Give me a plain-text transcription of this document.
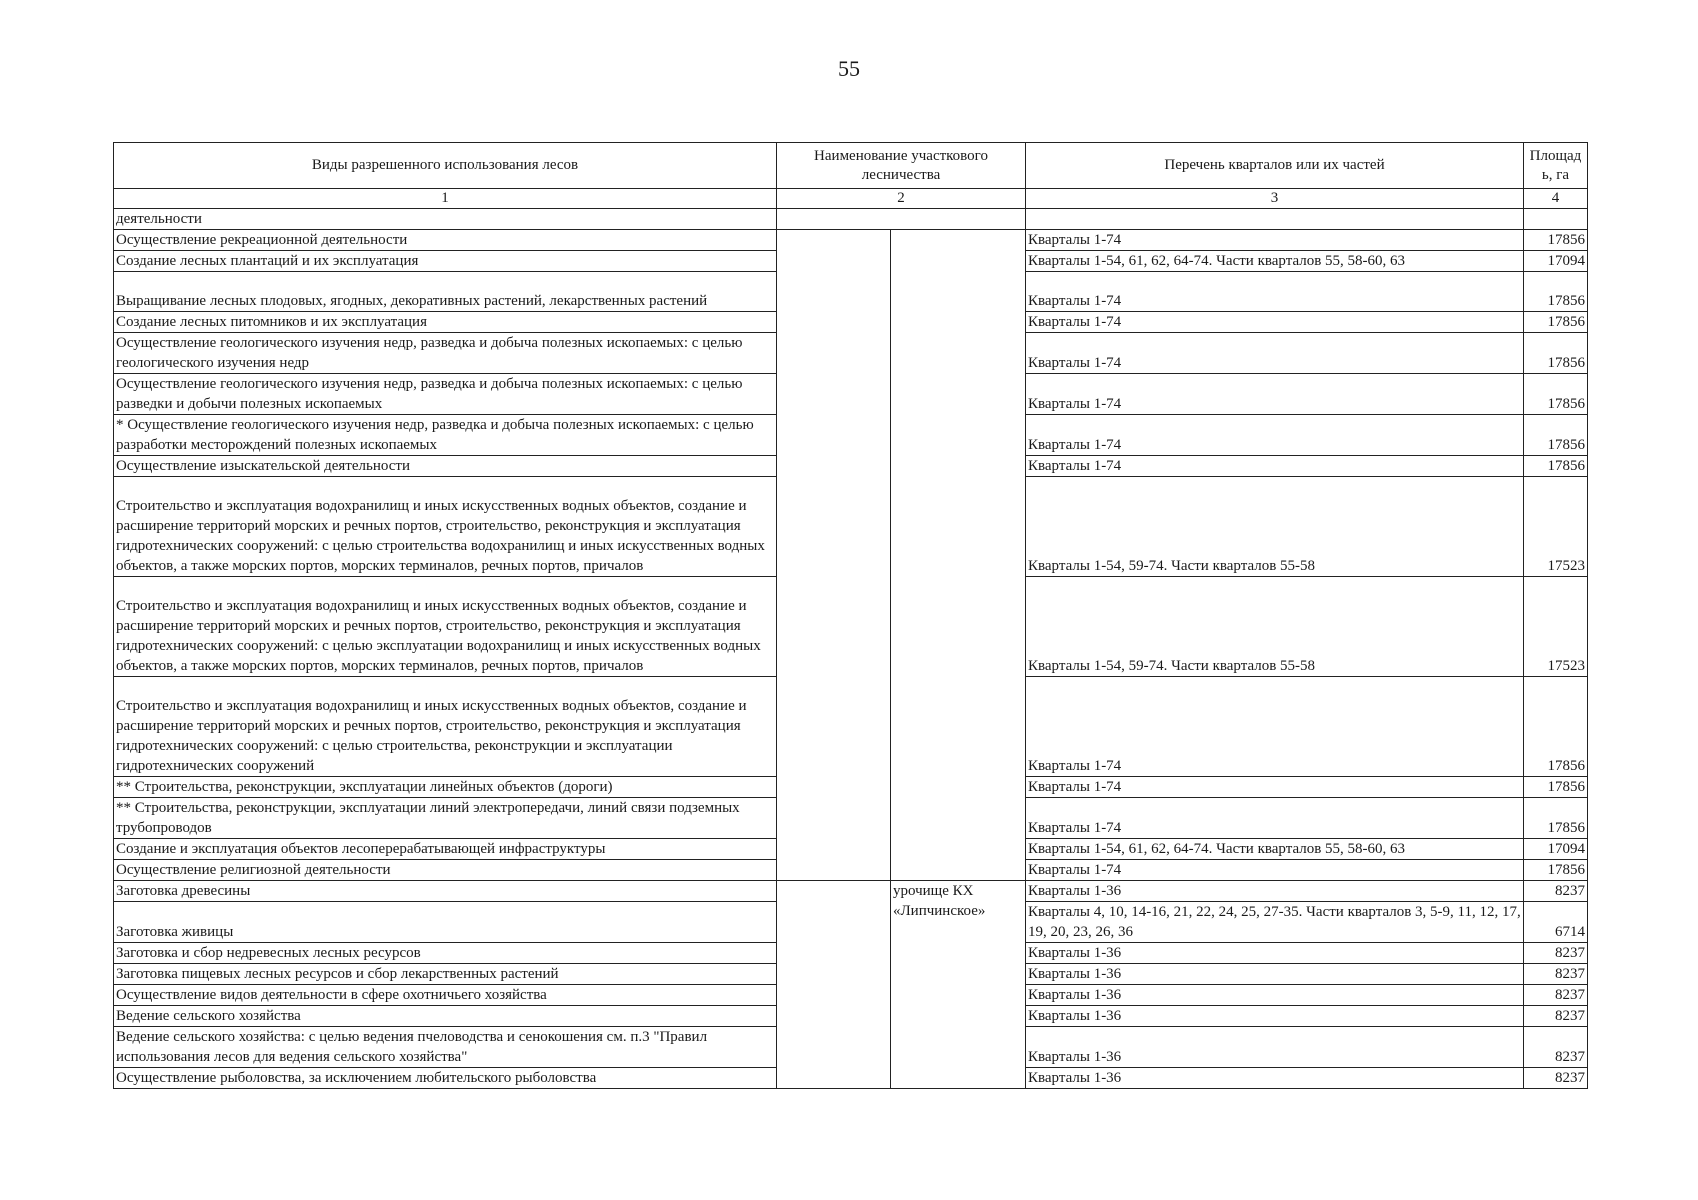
55
Виды разрешенного использования лесов	Наименование участкового лесничества		Перечень кварталов или их частей	Площад ь, га
1	2		3	4
деятельности				
Осуществление рекреационной деятельности			Кварталы 1-74	17856
Создание лесных плантаций и их эксплуатация			Кварталы 1-54, 61, 62, 64-74. Части кварталов 55, 58-60, 63	17094
Выращивание лесных плодовых, ягодных, декоративных растений, лекарственных растений			Кварталы 1-74	17856
Создание лесных питомников и их эксплуатация			Кварталы 1-74	17856
Осуществление геологического изучения недр, разведка и добыча полезных ископаемых: с целью геологического изучения недр			Кварталы 1-74	17856
Осуществление геологического изучения недр, разведка и добыча полезных ископаемых: с целью разведки и добычи полезных ископаемых			Кварталы 1-74	17856
* Осуществление геологического изучения недр, разведка и добыча полезных ископаемых: с целью разработки месторождений полезных ископаемых			Кварталы 1-74	17856
Осуществление изыскательской деятельности			Кварталы 1-74	17856
Строительство и эксплуатация водохранилищ и иных искусственных водных объектов, создание и расширение территорий морских и речных портов, строительство, реконструкция и эксплуатация гидротехнических сооружений: с целью строительства водохранилищ и иных искусственных водных объектов, а также морских портов, морских терминалов, речных портов, причалов			Кварталы 1-54, 59-74. Части кварталов 55-58	17523
Строительство и эксплуатация водохранилищ и иных искусственных водных объектов, создание и расширение территорий морских и речных портов, строительство, реконструкция и эксплуатация гидротехнических сооружений: с целью эксплуатации водохранилищ и иных искусственных водных объектов, а также морских портов, морских терминалов, речных портов, причалов			Кварталы 1-54, 59-74. Части кварталов 55-58	17523
Строительство и эксплуатация водохранилищ и иных искусственных водных объектов, создание и расширение территорий морских и речных портов, строительство, реконструкция и эксплуатация гидротехнических сооружений: с целью строительства, реконструкции и эксплуатации гидротехнических сооружений			Кварталы 1-74	17856
** Строительства, реконструкции, эксплуатации линейных объектов (дороги)			Кварталы 1-74	17856
** Строительства, реконструкции, эксплуатации линий электропередачи, линий связи подземных трубопроводов			Кварталы 1-74	17856
Создание и эксплуатация объектов лесоперерабатывающей инфраструктуры			Кварталы 1-54, 61, 62, 64-74. Части кварталов 55, 58-60, 63	17094
Осуществление религиозной деятельности			Кварталы 1-74	17856
Заготовка древесины		урочище КХ «Липчинское»	Кварталы 1-36	8237
Заготовка живицы			Кварталы 4, 10, 14-16, 21, 22, 24, 25, 27-35. Части кварталов 3, 5-9, 11, 12, 17, 19, 20, 23, 26, 36	6714
Заготовка и сбор недревесных лесных ресурсов			Кварталы 1-36	8237
Заготовка пищевых лесных ресурсов и сбор лекарственных растений			Кварталы 1-36	8237
Осуществление видов деятельности в сфере охотничьего хозяйства			Кварталы 1-36	8237
Ведение сельского хозяйства			Кварталы 1-36	8237
Ведение сельского хозяйства: с целью ведения пчеловодства и сенокошения см. п.3 "Правил использования лесов для ведения сельского хозяйства"			Кварталы 1-36	8237
Осуществление рыболовства, за исключением любительского рыболовства			Кварталы 1-36	8237
